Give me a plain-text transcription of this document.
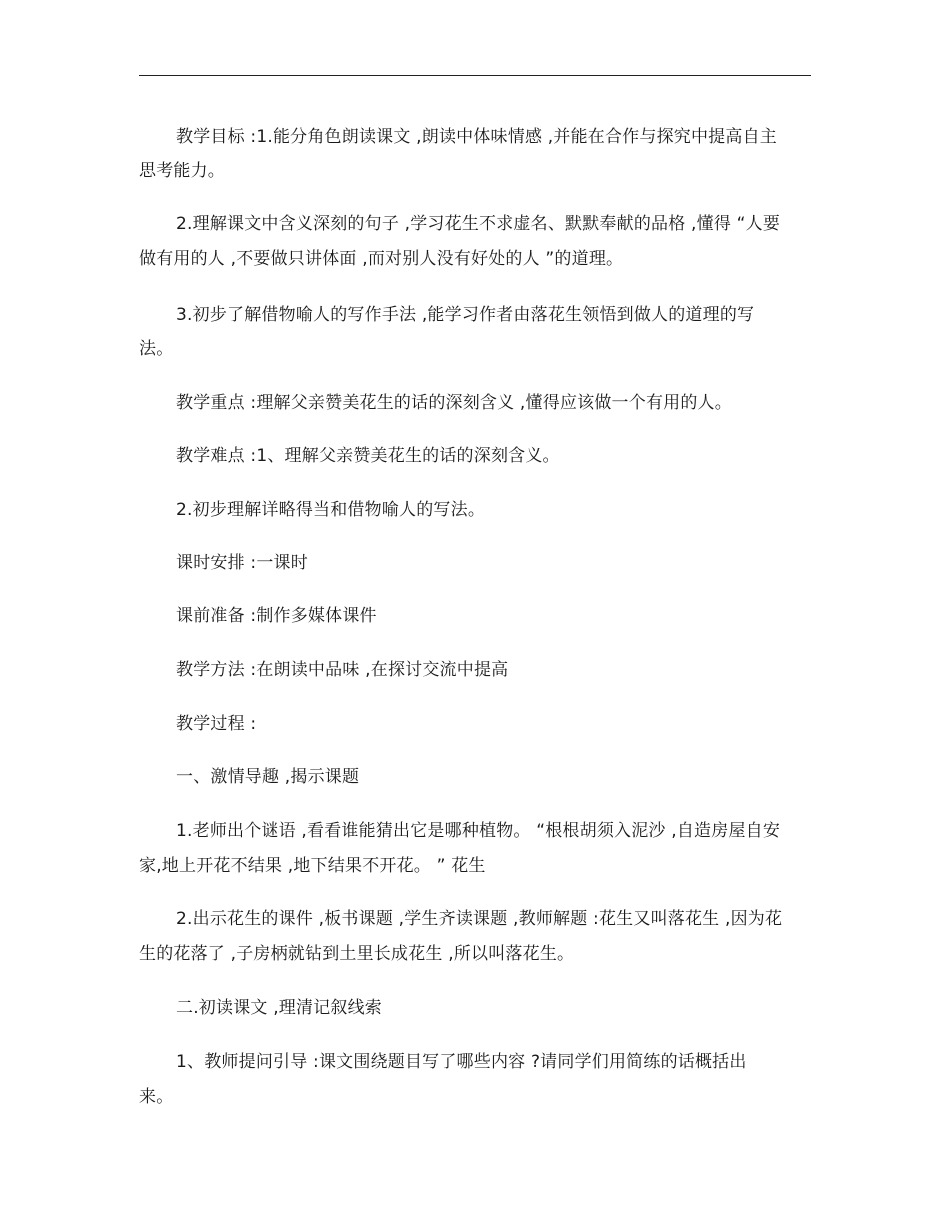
教学目标 :1.能分角色朗读课文 ,朗读中体味情感 ,并能在合作与探究中提高自主
思考能力。
2.理解课文中含义深刻的句子 ,学习花生不求虚名、默默奉献的品格 ,懂得 “人要
做有用的人 ,不要做只讲体面 ,而对别人没有好处的人 ”的道理。
3.初步了解借物喻人的写作手法 ,能学习作者由落花生领悟到做人的道理的写
法。
教学重点 :理解父亲赞美花生的话的深刻含义 ,懂得应该做一个有用的人。
教学难点 :1、理解父亲赞美花生的话的深刻含义。
2.初步理解详略得当和借物喻人的写法。
课时安排 :一课时
课前准备 :制作多媒体课件
教学方法 :在朗读中品味 ,在探讨交流中提高
教学过程 :
一、激情导趣 ,揭示课题
1.老师出个谜语 ,看看谁能猜出它是哪种植物。 “根根胡须入泥沙 ,自造房屋自安
家,地上开花不结果 ,地下结果不开花。 ” 花生
2.出示花生的课件 ,板书课题 ,学生齐读课题 ,教师解题 :花生又叫落花生 ,因为花
生的花落了 ,子房柄就钻到土里长成花生 ,所以叫落花生。
二.初读课文 ,理清记叙线索
1、教师提问引导 :课文围绕题目写了哪些内容 ?请同学们用简练的话概括出
来。
